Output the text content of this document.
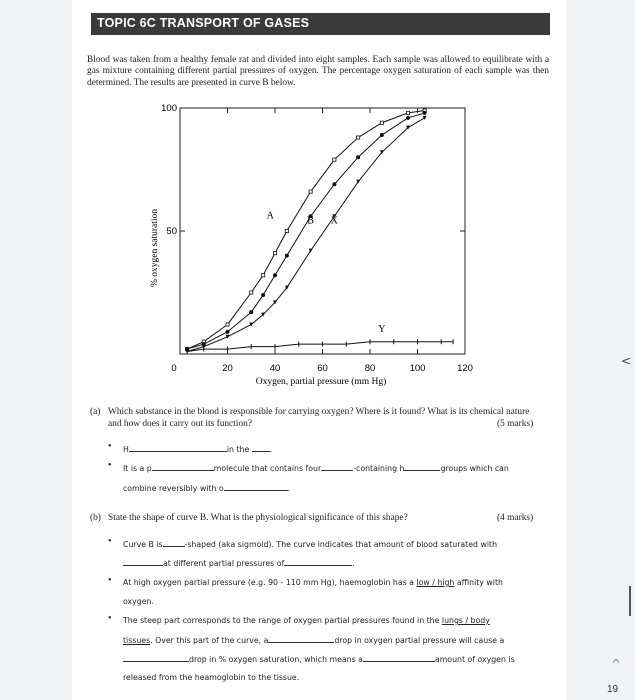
TOPIC 6C TRANSPORT OF GASES
Blood was taken from a healthy female rat and divided into eight samples. Each sample was allowed to equilibrate with a gas mixture containing different partial pressures of oxygen. The percentage oxygen saturation of each sample was then determined. The results are presented in curve B below.
0	20	40	60	80	100	120
50
100
A	B X
Y
% oxygen saturation
Oxygen, partial pressure (mm Hg)
(a) Which substance in the blood is responsible for carrying oxygen? Where is it found? What is its chemical nature and how does it carry out its function?	(5 marks)
• H	in the	.
• It is a p	molecule that contains four	-containing h	groups which can
combine reversibly with o	.
(b) State the shape of curve B. What is the physiological significance of this shape?	(4 marks)
• Curve B is	-shaped (aka sigmoid). The curve indicates that amount of blood saturated with
at different partial pressures of	.
• At high oxygen partial pressure (e.g. 90 - 110 mm Hg), haemoglobin has a low / high affinity with
oxygen.
• The steep part corresponds to the range of oxygen partial pressures found in the lungs / body
tissues. Over this part of the curve, a	drop in oxygen partial pressure will cause a
drop in % oxygen saturation, which means a	amount of oxygen is
released from the heamoglobin to the tissue.
<
^
19
